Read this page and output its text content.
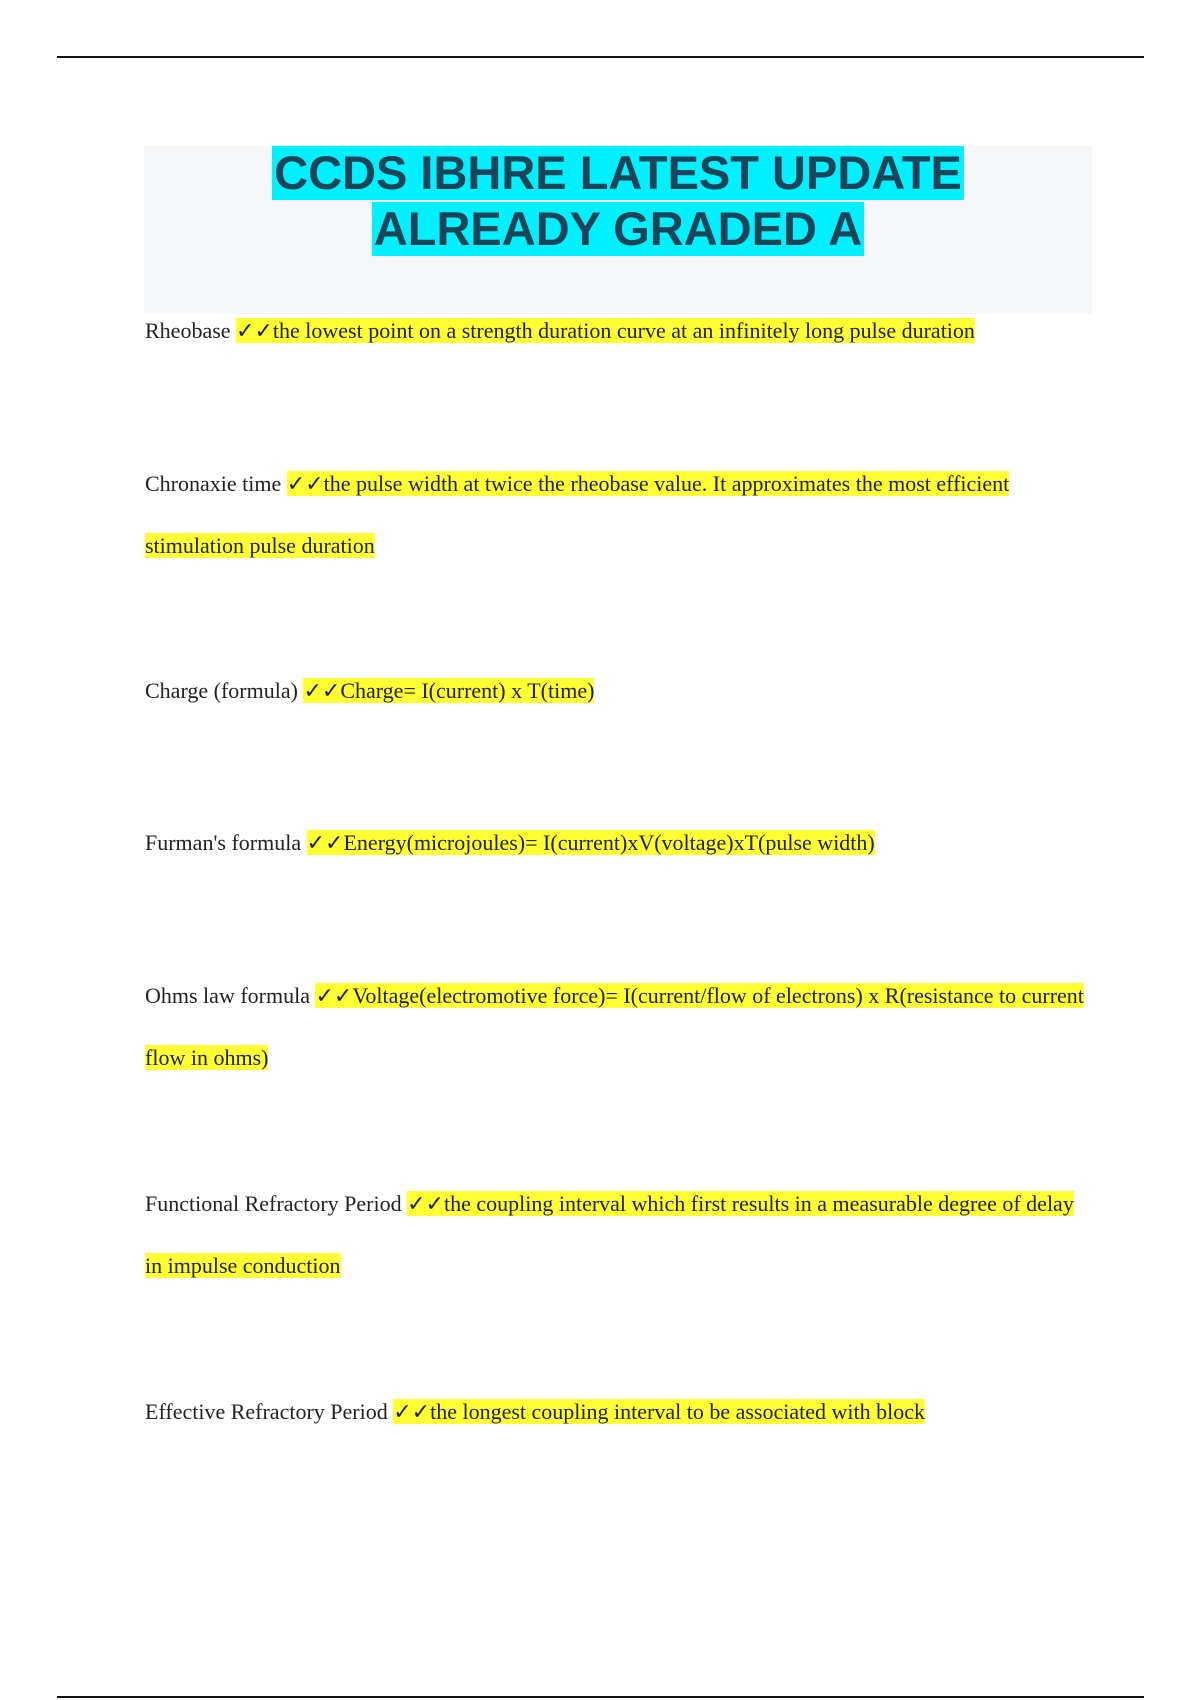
CCDS IBHRE LATEST UPDATE
ALREADY GRADED A

Rheobase ✓✓the lowest point on a strength duration curve at an infinitely long pulse duration

Chronaxie time ✓✓the pulse width at twice the rheobase value. It approximates the most efficient stimulation pulse duration

Charge (formula) ✓✓Charge= I(current) x T(time)

Furman's formula ✓✓Energy(microjoules)= I(current)xV(voltage)xT(pulse width)

Ohms law formula ✓✓Voltage(electromotive force)= I(current/flow of electrons) x R(resistance to current flow in ohms)

Functional Refractory Period ✓✓the coupling interval which first results in a measurable degree of delay in impulse conduction

Effective Refractory Period ✓✓the longest coupling interval to be associated with block
